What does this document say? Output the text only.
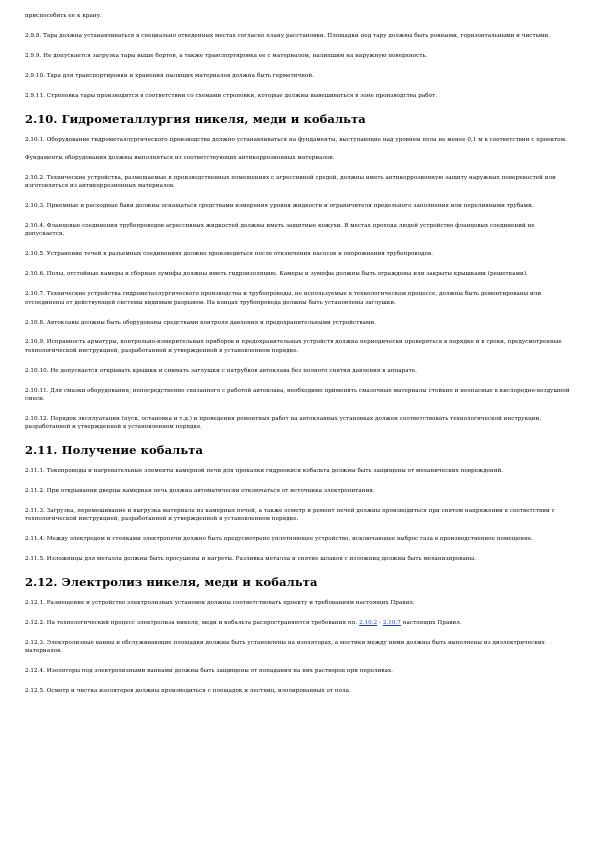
приспособить ее к крану.

2.9.8. Тара должна устанавливаться в специально отведенных местах согласно плану расстановки. Площадки под тару должны быть ровными, горизонтальными и чистыми.

2.9.9. Не допускается загрузка тары выше бортов, а также транспортировка ее с материалом, налипшим на наружную поверхность.

2.9.10. Тара для транспортировки и хранения пылящих материалов должна быть герметичной.

2.9.11. Строповка тары производится в соответствии со схемами строповки, которые должны вывешиваться в зоне производства работ.

2.10. Гидрометаллургия никеля, меди и кобальта

2.10.1. Оборудование гидрометаллургического производства должно устанавливаться на фундаменты, выступающие над уровнем пола не менее 0,1 м в соответствии с проектом.

Фундаменты оборудования должны выполняться из соответствующих антикоррозионных материалов.

2.10.2. Технические устройства, размещаемые в производственных помещениях с агрессивной средой, должны иметь антикоррозионную защиту наружных поверхностей или изготовляться из антикоррозионных материалов.

2.10.3. Приемные и расходные баки должны оснащаться средствами измерения уровня жидкости и ограничителя предельного заполнения или переливными трубами.

2.10.4. Фланцевые соединения трубопроводов агрессивных жидкостей должны иметь защитные кожухи. В местах прохода людей устройство фланцевых соединений не допускается.

2.10.5. Устранение течей в разъемных соединениях должно производиться после отключения насосов и опорожнения трубопроводов.

2.10.6. Полы, отстойные камеры и сборные зумпфы должны иметь гидроизоляцию. Камеры и зумпфы должны быть ограждены или закрыты крышками (решетками).

2.10.7. Технические устройства гидрометаллургического производства и трубопроводы, не используемые в технологическом процессе, должны быть демонтированы или отсоединены от действующей системы видимым разрывом. На концах трубопровода должны быть установлены заглушки.

2.10.8. Автоклавы должны быть оборудованы средствами контроля давления и предохранительными устройствами.

2.10.9. Исправность арматуры, контрольно-измерительных приборов и предохранительных устройств должна периодически проверяться в порядке и в сроки, предусмотренные технологической инструкцией, разработанной и утвержденной в установленном порядке.

2.10.10. Не допускается открывать крышки и снимать заглушки с патрубков автоклава без полного снятия давления в аппарате.

2.10.11. Для смазки оборудования, непосредственно связанного с работой автоклава, необходимо применять смазочные материалы стойкие и неопасные в кислородно-воздушной смеси.

2.10.12. Порядок эксплуатации (пуск, остановка и т.д.) и проведения ремонтных работ на автоклавных установках должен соответствовать технологической инструкции, разработанной и утвержденной в установленном порядке.

2.11. Получение кобальта

2.11.1. Токопроводы и нагревательные элементы камерной печи для прокалки гидроокиси кобальта должны быть защищены от механических повреждений.

2.11.2. При открывании дверцы камерная печь должна автоматически отключаться от источника электропитания.

2.11.3. Загрузка, перемешивание и выгрузка материала из камерных печей, а также осмотр и ремонт печей должны производиться при снятом напряжении в соответствии с технологической инструкцией, разработанной и утвержденной в установленном порядке.

2.11.4. Между электродом и стенками электропечи должно быть предусмотрено уплотняющее устройство, исключающее выброс газа в производственное помещение.

2.11.5. Изложницы для металла должны быть просушены и нагреты. Разливка металла и снятие шлаков с изложниц должны быть механизированы.

2.12. Электролиз никеля, меди и кобальта

2.12.1. Размещение и устройство электролизных установок должны соответствовать проекту и требованиям настоящих Правил.

2.12.2. На технологический процесс электролиза никеля, меди и кобальта распространяются требования пп. 2.10.2 - 2.10.7 настоящих Правил.

2.12.3. Электролизные ванны и обслуживающие площадки должны быть установлены на изоляторах, а мостики между ними должны быть выполнены из диэлектрических материалов.

2.12.4. Изоляторы под электролизными ваннами должны быть защищены от попадания на них растворов при переливах.

2.12.5. Осмотр и чистка изоляторов должны производиться с площадок и лестниц, изолированных от пола.
